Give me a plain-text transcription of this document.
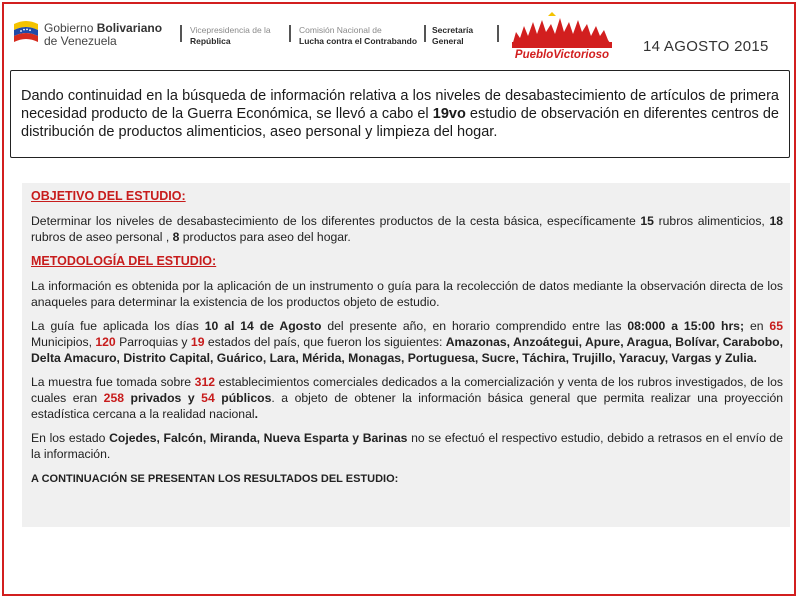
Gobierno Bolivariano
de Venezuela
Vicepresidencia de la
República
Comisión Nacional de
Lucha contra el Contrabando
Secretaría
General
PuebloVictorioso 14 AGOSTO 2015
Dando continuidad en la búsqueda de información relativa a los niveles de desabastecimiento de artículos de primera necesidad producto de la Guerra Económica, se llevó a cabo el 19vo estudio de observación en diferentes centros de distribución de productos alimenticios, aseo personal y limpieza del hogar.

OBJETIVO DEL ESTUDIO:

Determinar los niveles de desabastecimiento de los diferentes productos de la cesta básica, específicamente 15 rubros alimenticios, 18 rubros de aseo personal , 8 productos para aseo del hogar.

METODOLOGÍA DEL ESTUDIO:

La información es obtenida por la aplicación de un instrumento o guía para la recolección de datos mediante la observación directa de los anaqueles para determinar la existencia de los productos objeto de estudio.

La guía fue aplicada los días 10 al 14 de Agosto del presente año, en horario comprendido entre las 08:000 a 15:00 hrs; en 65 Municipios, 120 Parroquias y 19 estados del país, que fueron los siguientes: Amazonas, Anzoátegui, Apure, Aragua, Bolívar, Carabobo, Delta Amacuro, Distrito Capital, Guárico, Lara, Mérida, Monagas, Portuguesa, Sucre, Táchira, Trujillo, Yaracuy, Vargas y Zulia.

La muestra fue tomada sobre 312 establecimientos comerciales dedicados a la comercialización y venta de los rubros investigados, de los cuales eran 258 privados y 54 públicos. a objeto de obtener la información básica general que permita realizar una proyección estadística cercana a la realidad nacional.

En los estado Cojedes, Falcón, Miranda, Nueva Esparta y Barinas no se efectuó el respectivo estudio, debido a retrasos en el envío de la información.

A CONTINUACIÓN SE PRESENTAN LOS RESULTADOS DEL ESTUDIO:
